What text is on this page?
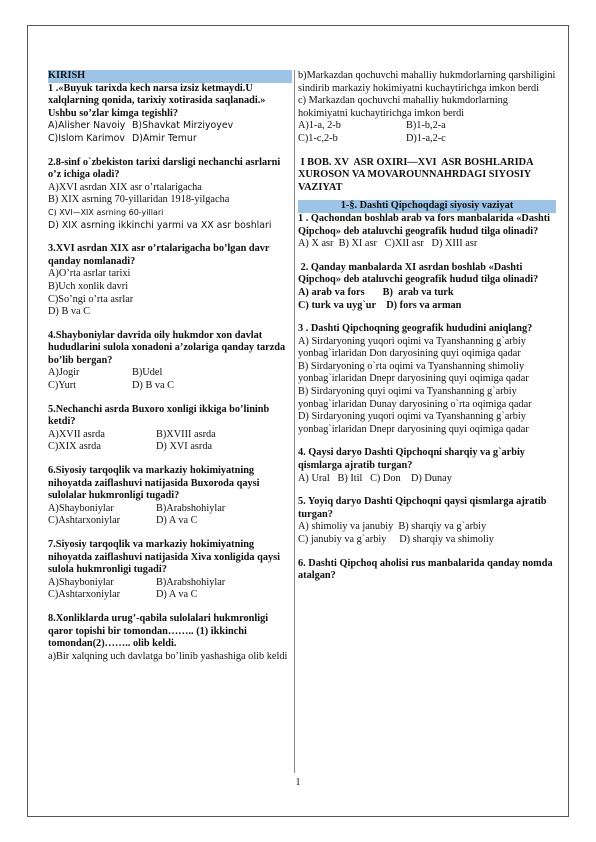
KIRISH

1 .«Buyuk tarixda kech narsa izsiz ketmaydi.U xalqlarning qonida, tarixiy xotirasida saqlanadi.»

Ushbu so’zlar kimga tegishli?

A)Alisher Navoiy B)Shavkat Mirziyoyev
C)Islom Karimov D)Amir Temur

2.8-sinf o`zbekiston tarixi darsligi nechanchi asrlarni o’z ichiga oladi?

A)XVI asrdan XIX asr o’rtalarigacha

B) XIX asrning 70-yillaridan 1918-yilgacha

C) XVI—XIX asrning 60-yillari

D) XIX asrning ikkinchi yarmi va XX asr boshlari

3.XVI asrdan XIX asr o’rtalarigacha bo’lgan davr qanday nomlanadi?

A)O’rta asrlar tarixi

B)Uch xonlik davri

C)So’ngi o’rta asrlar

D) B va C

4.Shayboniylar davrida oily hukmdor xon davlat hududlarini sulola xonadoni a’zolariga qanday tarzda bo’lib bergan?

A)Jogir	B)Udel
C)Yurt	D) B va C

5.Nechanchi asrda Buxoro xonligi ikkiga bo’lininb ketdi?

A)XVII asrda	B)XVIII asrda
C)XIX asrda	D) XVI asrda

6.Siyosiy tarqoqlik va markaziy hokimiyatning nihoyatda zaiflashuvi natijasida Buxoroda qaysi sulolalar hukmronligi tugadi?

A)Shayboniylar	B)Arabshohiylar
C)Ashtarxoniylar	D) A va C

7.Siyosiy tarqoqlik va markaziy hokimiyatning nihoyatda zaiflashuvi natijasida Xiva xonligida qaysi sulola hukmronligi tugadi?

A)Shayboniylar	B)Arabshohiylar
C)Ashtarxoniylar	D) A va C

8.Xonliklarda urug’-qabila sulolalari hukmronligi qaror topishi bir tomondan…….. (1) ikkinchi tomondan(2)…….. olib keldi.

a)Bir xalqning uch davlatga bo’linib yashashiga olib keldi

b)Markazdan qochuvchi mahalliy hukmdorlarning qarshiligini sindirib markaziy hokimiyatni kuchaytirichga imkon berdi

c) Markazdan qochuvchi mahalliy hukmdorlarning hokimiyatni kuchaytirichga imkon berdi

A)1-a, 2-b	B)1-b,2-a
C)1-c,2-b	D)1-a,2-c

I BOB. XV  ASR OXIRI—XVI  ASR BOSHLARIDA XUROSON VA MOVAROUNNAHRDAGI SIYOSIY VAZIYAT

1-§. Dashti Qipchoqdagi siyosiy vaziyat

1 . Qachondan boshlab arab va fors manbalarida «Dashti Qipchoq» deb ataluvchi geografik hudud tilga olinadi?

A) X asr  B) XI asr   C)XII asr   D) XIII asr

2. Qanday manbalarda XI asrdan boshlab «Dashti Qipchoq» deb ataluvchi geografik hudud tilga olinadi?

A) arab va fors       B)  arab va turk

C) turk va uyg`ur    D) fors va arman

3 . Dashti Qipchoqning geografik hududini aniqlang?

A) Sirdaryoning yuqori oqimi va Tyanshanning g`arbiy yonbag`irlaridan Don daryosining quyi oqimiga qadar

B) Sirdaryoning o`rta oqimi va Tyanshanning shimoliy yonbag`irlaridan Dnepr daryosining quyi oqimiga qadar

B) Sirdaryoning quyi oqimi va Tyanshanning g`arbiy yonbag`irlaridan Dunay daryosining o`rta oqimiga qadar

D) Sirdaryoning yuqori oqimi va Tyanshanning g`arbiy yonbag`irlaridan Dnepr daryosining quyi oqimiga qadar

4. Qaysi daryo Dashti Qipchoqni sharqiy va g`arbiy qismlarga ajratib turgan?

A) Ural   B) Itil   C) Don    D) Dunay

5. Yoyiq daryo Dashti Qipchoqni qaysi qismlarga ajratib turgan?

A) shimoliy va janubiy  B) sharqiy va g`arbiy

C) janubiy va g`arbiy     D) sharqiy va shimoliy

6. Dashti Qipchoq aholisi rus manbalarida qanday nomda atalgan?

1
